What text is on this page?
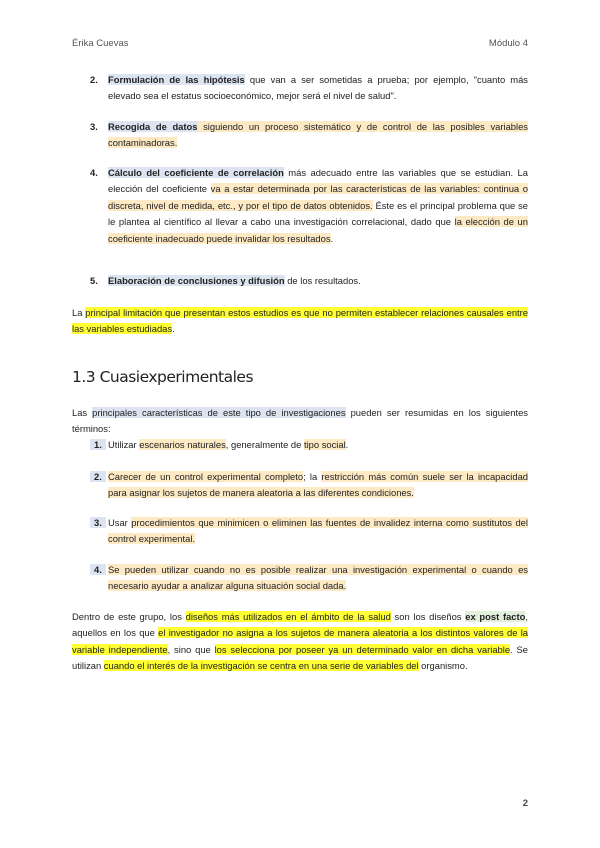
Érika Cuevas	Módulo 4
2. Formulación de las hipótesis que van a ser sometidas a prueba; por ejemplo, "cuanto más elevado sea el estatus socioeconómico, mejor será el nivel de salud".
3. Recogida de datos siguiendo un proceso sistemático y de control de las posibles variables contaminadoras.
4. Cálculo del coeficiente de correlación más adecuado entre las variables que se estudian. La elección del coeficiente va a estar determinada por las características de las variables: continua o discreta, nivel de medida, etc., y por el tipo de datos obtenidos. Éste es el principal problema que se le plantea al científico al llevar a cabo una investigación correlacional, dado que la elección de un coeficiente inadecuado puede invalidar los resultados.
5. Elaboración de conclusiones y difusión de los resultados.
La principal limitación que presentan estos estudios es que no permiten establecer relaciones causales entre las variables estudiadas.
1.3 Cuasiexperimentales
Las principales características de este tipo de investigaciones pueden ser resumidas en los siguientes términos:
1. Utilizar escenarios naturales, generalmente de tipo social.
2. Carecer de un control experimental completo; la restricción más común suele ser la incapacidad para asignar los sujetos de manera aleatoria a las diferentes condiciones.
3. Usar procedimientos que minimicen o eliminen las fuentes de invalidez interna como sustitutos del control experimental.
4. Se pueden utilizar cuando no es posible realizar una investigación experimental o cuando es necesario ayudar a analizar alguna situación social dada.
Dentro de este grupo, los diseños más utilizados en el ámbito de la salud son los diseños ex post facto, aquellos en los que el investigador no asigna a los sujetos de manera aleatoria a los distintos valores de la variable independiente, sino que los selecciona por poseer ya un determinado valor en dicha variable. Se utilizan cuando el interés de la investigación se centra en una serie de variables del organismo.
2
